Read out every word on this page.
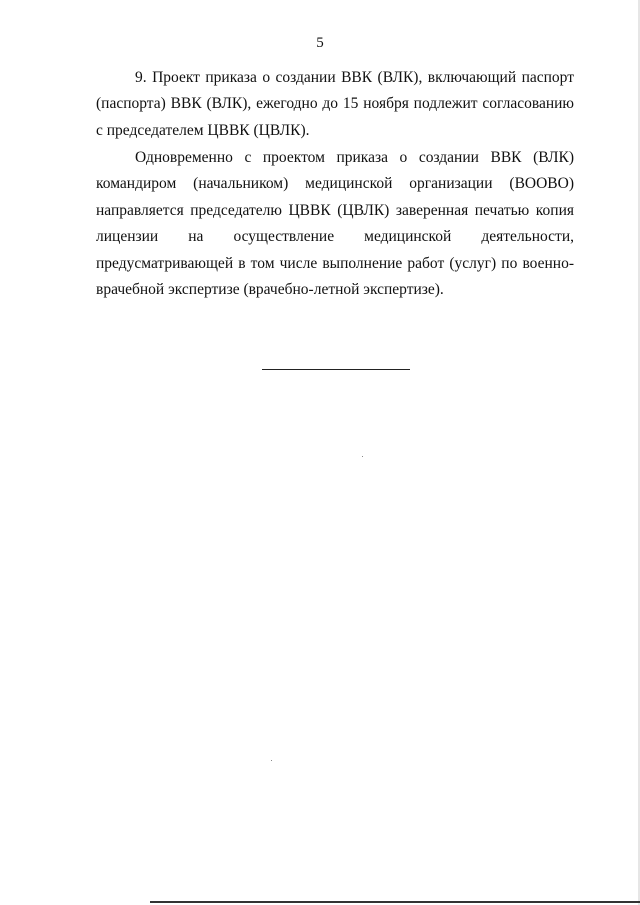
5
9. Проект приказа о создании ВВК (ВЛК), включающий паспорт
(паспорта) ВВК (ВЛК), ежегодно до 15 ноября подлежит согласованию
с председателем ЦВВК (ЦВЛК).
Одновременно с проектом приказа о создании ВВК (ВЛК)
командиром (начальником) медицинской организации (ВООВО)
направляется председателю ЦВВК (ЦВЛК) заверенная печатью копия
лицензии на осуществление медицинской деятельности,
предусматривающей в том числе выполнение работ (услуг) по военно-
врачебной экспертизе (врачебно-летной экспертизе).
